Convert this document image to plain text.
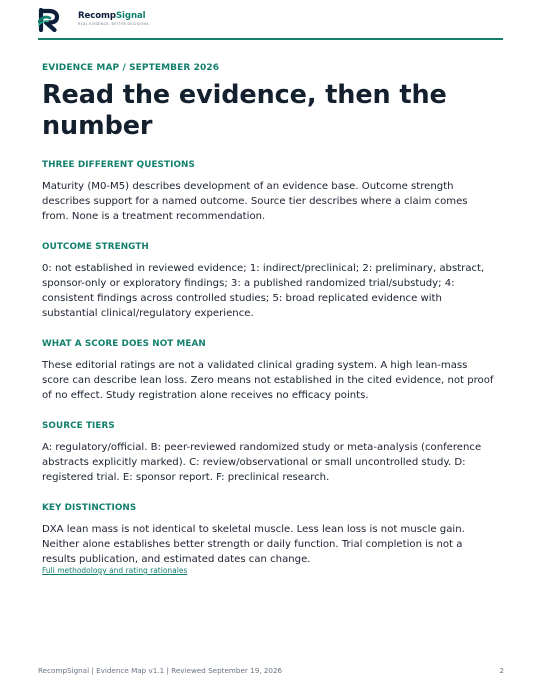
RecompSignal
REAL EVIDENCE. BETTER DECISIONS.

EVIDENCE MAP / SEPTEMBER 2026

Read the evidence, then the number

THREE DIFFERENT QUESTIONS

Maturity (M0-M5) describes development of an evidence base. Outcome strength
describes support for a named outcome. Source tier describes where a claim comes
from. None is a treatment recommendation.

OUTCOME STRENGTH

0: not established in reviewed evidence; 1: indirect/preclinical; 2: preliminary, abstract,
sponsor-only or exploratory findings; 3: a published randomized trial/substudy; 4:
consistent findings across controlled studies; 5: broad replicated evidence with
substantial clinical/regulatory experience.

WHAT A SCORE DOES NOT MEAN

These editorial ratings are not a validated clinical grading system. A high lean-mass
score can describe lean loss. Zero means not established in the cited evidence, not proof
of no effect. Study registration alone receives no efficacy points.

SOURCE TIERS

A: regulatory/official. B: peer-reviewed randomized study or meta-analysis (conference
abstracts explicitly marked). C: review/observational or small uncontrolled study. D:
registered trial. E: sponsor report. F: preclinical research.

KEY DISTINCTIONS

DXA lean mass is not identical to skeletal muscle. Less lean loss is not muscle gain.
Neither alone establishes better strength or daily function. Trial completion is not a
results publication, and estimated dates can change.

Full methodology and rating rationales
RecompSignal | Evidence Map v1.1 | Reviewed September 19, 2026	2
